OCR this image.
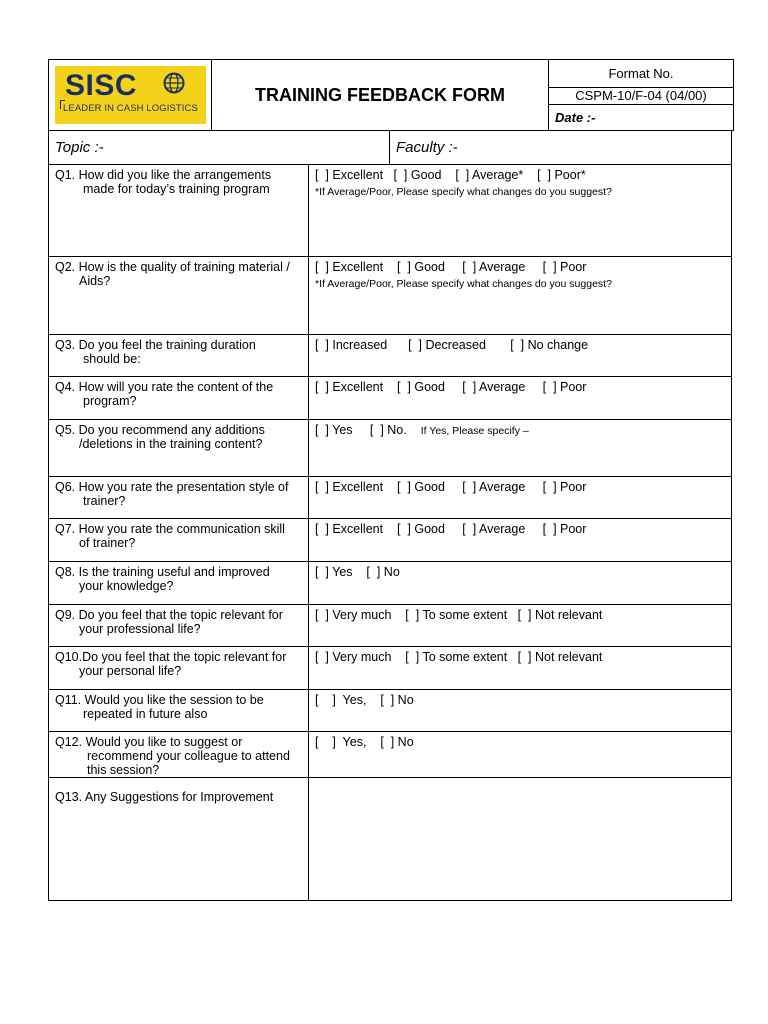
SISC
LEADER IN CASH LOGISTICS
	TRAINING FEEDBACK FORM	
Format No.
CSPM-10/F-04 (04/00)
Date :-
Topic :-	Faculty :-
Q1. How did you like the arrangements
made for today’s training program	[  ] Excellent   [  ] Good    [  ] Average*    [  ] Poor*
*If Average/Poor, Please specify what changes do you suggest?

Q2. How is the quality of training material /
Aids?	[  ] Excellent    [  ] Good     [  ] Average     [  ] Poor
*If Average/Poor, Please specify what changes do you suggest?

Q3. Do you feel the training duration
should be:	[  ] Increased      [  ] Decreased       [  ] No change

Q4. How will you rate the content of the
program?	[  ] Excellent    [  ] Good     [  ] Average     [  ] Poor

Q5. Do you recommend any additions
/deletions in the training content?	[  ] Yes     [  ] No. If Yes, Please specify –

Q6. How you rate the presentation style of
trainer?	[  ] Excellent    [  ] Good     [  ] Average     [  ] Poor

Q7. How you rate the communication skill
of trainer?	[  ] Excellent    [  ] Good     [  ] Average     [  ] Poor

Q8. Is the training useful and improved
your knowledge?	[  ] Yes    [  ] No

Q9. Do you feel that the topic relevant for
your professional life?	[  ] Very much    [  ] To some extent   [  ] Not relevant

Q10.Do you feel that the topic relevant for
your personal life?	[  ] Very much    [  ] To some extent   [  ] Not relevant

Q11. Would you like the session to be
repeated in future also	[    ]  Yes,    [  ] No

Q12. Would you like to suggest or
recommend your colleague to attend
this session?	[    ]  Yes,    [  ] No

Q13. Any Suggestions for Improvement	
